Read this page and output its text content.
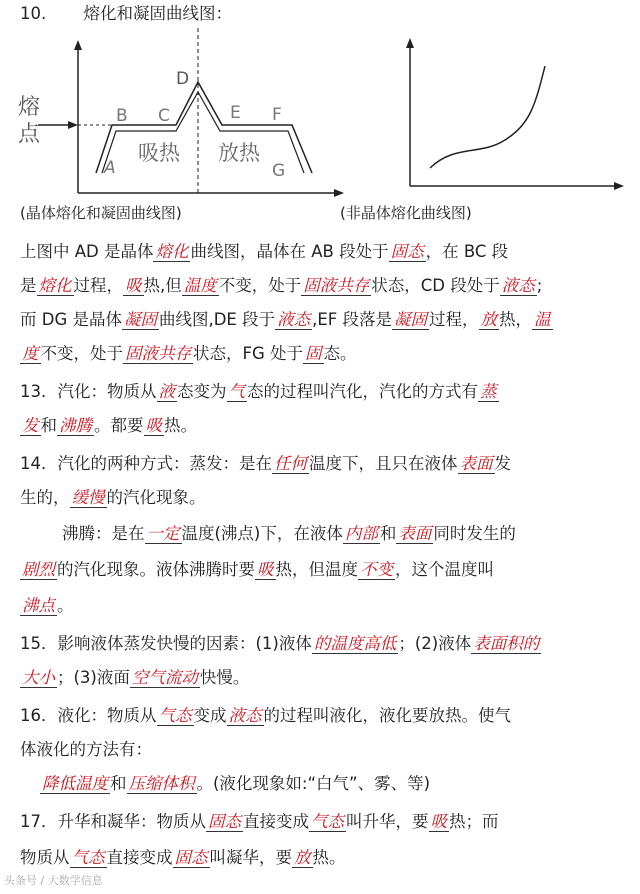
10. 熔化和凝固曲线图：
熔
点
A
B C
D
E F
G
吸热 放热
(晶体熔化和凝固曲线图)	(非晶体熔化曲线图)
上图中 AD 是晶体 熔化 曲线图，晶体在 AB 段处于 固态 ，在 BC 段
是 熔化 过程， 吸 热,但 温度 不变，处于 固液共存 状态，CD 段处于 液态 ;
而 DG 是晶体 凝固 曲线图,DE 段于 液态 ,EF 段落是 凝固 过程， 放 热， 温
度 不变，处于 固液共存 状态，FG 处于 固 态。
13．汽化：物质从 液 态变为 气 态的过程叫汽化，汽化的方式有 蒸
发 和 沸腾 。都要 吸 热。
14．汽化的两种方式：蒸发：是在 任何 温度下，且只在液体 表面 发
生的， 缓慢 的汽化现象。
沸腾：是在 一定 温度(沸点)下，在液体 内部 和 表面 同时发生的
剧烈 的汽化现象。液体沸腾时要 吸 热，但温度 不变 ，这个温度叫
沸点 。
15．影响液体蒸发快慢的因素：(1)液体 的温度高低 ；(2)液体 表面积的
大小 ；(3)液面 空气流动 快慢。
16．液化：物质从 气态 变成 液态 的过程叫液化，液化要放热。使气
体液化的方法有：
降低温度 和 压缩体积 。(液化现象如:“白气”、雾、等)
17．升华和凝华：物质从 固态 直接变成 气态 叫升华，要 吸 热；而
物质从 气态 直接变成 固态 叫凝华，要 放 热。
头条号 / 大数学信息
